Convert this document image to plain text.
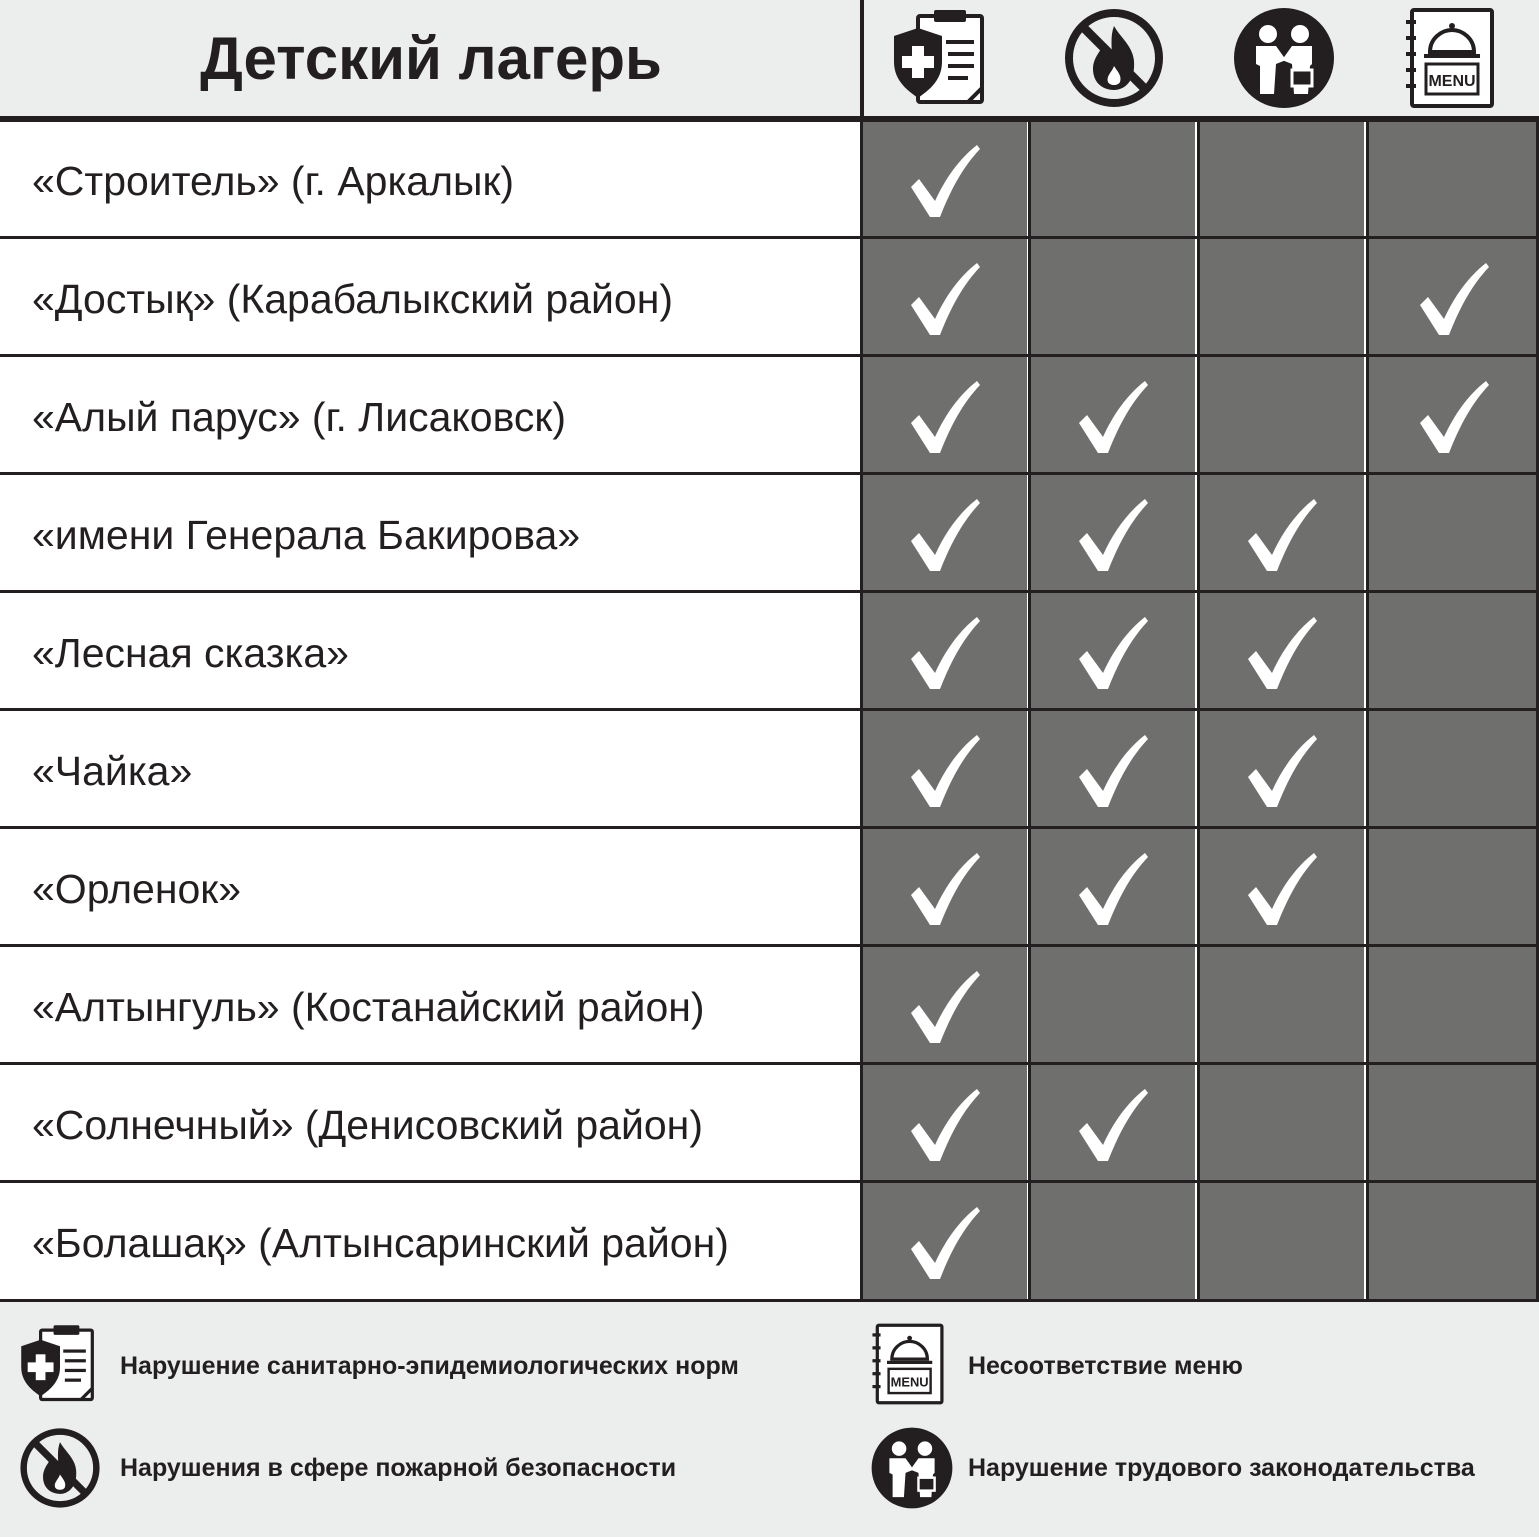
Детский лагерь	MENU
«Строитель» (г. Аркалык)
«Достық» (Карабалыкский район)
«Алый парус» (г. Лисаковск)
«имени Генерала Бакирова»
«Лесная сказка»
«Чайка»
«Орленок»
«Алтынгуль» (Костанайский район)
«Солнечный» (Денисовский район)
«Болашақ» (Алтынсаринский район)
Нарушение санитарно-эпидемиологических норм
Нарушения в сфере пожарной безопасности
MENU
Несоответствие меню
Нарушение трудового законодательства
